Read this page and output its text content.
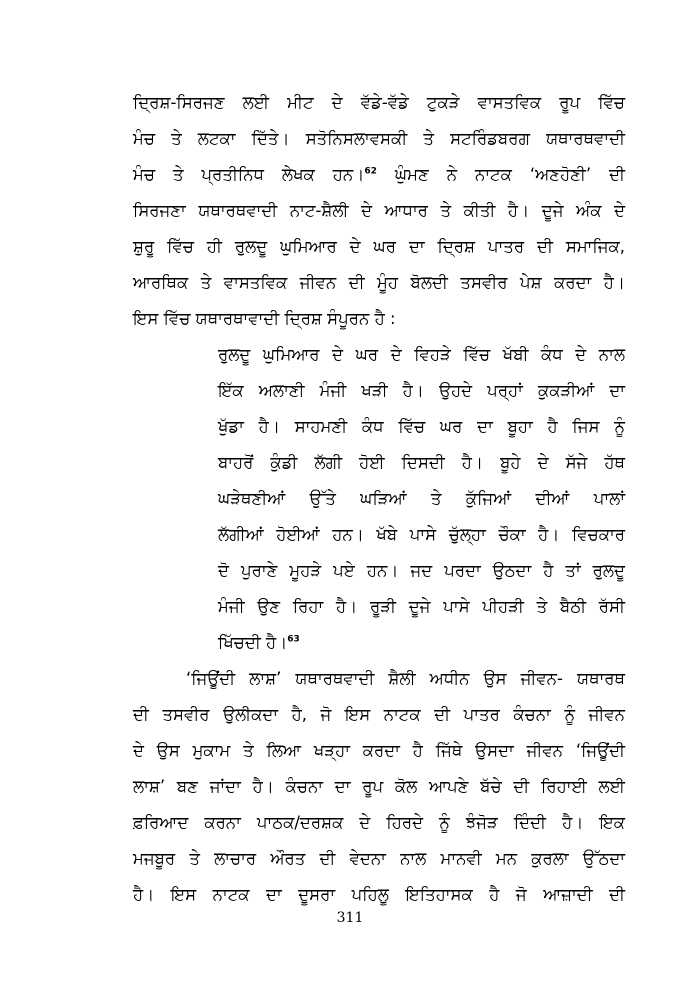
ਦ੍ਰਿਸ਼-ਸਿਰਜਣ ਲਈ ਮੀਟ ਦੇ ਵੱਡੇ-ਵੱਡੇ ਟੁਕੜੇ ਵਾਸਤਵਿਕ ਰੂਪ ਵਿੱਚ
ਮੰਚ ਤੇ ਲਟਕਾ ਦਿੱਤੇ। ਸਤੋਨਿਸਲਾਵਸਕੀ ਤੇ ਸਟਰਿੰਡਬਰਗ ਯਥਾਰਥਵਾਦੀ
ਮੰਚ ਤੇ ਪ੍ਰਤੀਨਿਧ ਲੇਖਕ ਹਨ।$^{62}$ ਘੁੰਮਣ ਨੇ ਨਾਟਕ ‘ਅਣਹੋਣੀ’ ਦੀ
ਸਿਰਜਣਾ ਯਥਾਰਥਵਾਦੀ ਨਾਟ-ਸ਼ੈਲੀ ਦੇ ਆਧਾਰ ਤੇ ਕੀਤੀ ਹੈ। ਦੂਜੇ ਅੰਕ ਦੇ
ਸ਼ੁਰੂ ਵਿੱਚ ਹੀ ਰੁਲਦੂ ਘੁਮਿਆਰ ਦੇ ਘਰ ਦਾ ਦ੍ਰਿਸ਼ ਪਾਤਰ ਦੀ ਸਮਾਜਿਕ,
ਆਰਥਿਕ ਤੇ ਵਾਸਤਵਿਕ ਜੀਵਨ ਦੀ ਮੂੰਹ ਬੋਲਦੀ ਤਸਵੀਰ ਪੇਸ਼ ਕਰਦਾ ਹੈ।
ਇਸ ਵਿੱਚ ਯਥਾਰਥਾਵਾਦੀ ਦ੍ਰਿਸ਼ ਸੰਪੂਰਨ ਹੈ :
ਰੁਲਦੂ ਘੁਮਿਆਰ ਦੇ ਘਰ ਦੇ ਵਿਹੜੇ ਵਿੱਚ ਖੱਬੀ ਕੰਧ ਦੇ ਨਾਲ
ਇੱਕ ਅਲਾਣੀ ਮੰਜੀ ਖੜੀ ਹੈ। ਉਹਦੇ ਪਰ੍ਹਾਂ ਕੁਕੜੀਆਂ ਦਾ
ਖੁੱਡਾ ਹੈ। ਸਾਹਮਣੀ ਕੰਧ ਵਿੱਚ ਘਰ ਦਾ ਬੂਹਾ ਹੈ ਜਿਸ ਨੂੰ
ਬਾਹਰੋਂ ਕੁੰਡੀ ਲੱਗੀ ਹੋਈ ਦਿਸਦੀ ਹੈ। ਬੂਹੇ ਦੇ ਸੱਜੇ ਹੱਥ
ਘੜੇਥਣੀਆਂ ਉੱਤੇ ਘੜਿਆਂ ਤੇ ਕੁੱਜਿਆਂ ਦੀਆਂ ਪਾਲਾਂ
ਲੱਗੀਆਂ ਹੋਈਆਂ ਹਨ। ਖੱਬੇ ਪਾਸੇ ਚੁੱਲ੍ਹਾ ਚੌਕਾ ਹੈ। ਵਿਚਕਾਰ
ਦੋ ਪੁਰਾਣੇ ਮੂਹੜੇ ਪਏ ਹਨ। ਜਦ ਪਰਦਾ ਉਠਦਾ ਹੈ ਤਾਂ ਰੁਲਦੂ
ਮੰਜੀ ਉਣ ਰਿਹਾ ਹੈ। ਰੂੜੀ ਦੂਜੇ ਪਾਸੇ ਪੀਹੜੀ ਤੇ ਬੈਠੀ ਰੱਸੀ
ਖਿੱਚਦੀ ਹੈ।$^{63}$
‘ਜਿਊਂਦੀ ਲਾਸ਼’ ਯਥਾਰਥਵਾਦੀ ਸ਼ੈਲੀ ਅਧੀਨ ਉਸ ਜੀਵਨ- ਯਥਾਰਥ
ਦੀ ਤਸਵੀਰ ਉਲੀਕਦਾ ਹੈ, ਜੋ ਇਸ ਨਾਟਕ ਦੀ ਪਾਤਰ ਕੰਚਨਾ ਨੂੰ ਜੀਵਨ
ਦੇ ਉਸ ਮੁਕਾਮ ਤੇ ਲਿਆ ਖੜ੍ਹਾ ਕਰਦਾ ਹੈ ਜਿੱਥੇ ਉਸਦਾ ਜੀਵਨ ‘ਜਿਊਂਦੀ
ਲਾਸ਼’ ਬਣ ਜਾਂਦਾ ਹੈ। ਕੰਚਨਾ ਦਾ ਰੂਪ ਕੋਲ ਆਪਣੇ ਬੱਚੇ ਦੀ ਰਿਹਾਈ ਲਈ
ਫ਼ਰਿਆਦ ਕਰਨਾ ਪਾਠਕ/ਦਰਸ਼ਕ ਦੇ ਹਿਰਦੇ ਨੂੰ ਝੰਜੋੜ ਦਿੰਦੀ ਹੈ। ਇਕ
ਮਜਬੂਰ ਤੇ ਲਾਚਾਰ ਔਰਤ ਦੀ ਵੇਦਨਾ ਨਾਲ ਮਾਨਵੀ ਮਨ ਕੁਰਲਾ ਉੱਠਦਾ
ਹੈ। ਇਸ ਨਾਟਕ ਦਾ ਦੂਸਰਾ ਪਹਿਲੂ ਇਤਿਹਾਸਕ ਹੈ ਜੋ ਆਜ਼ਾਦੀ ਦੀ
311
